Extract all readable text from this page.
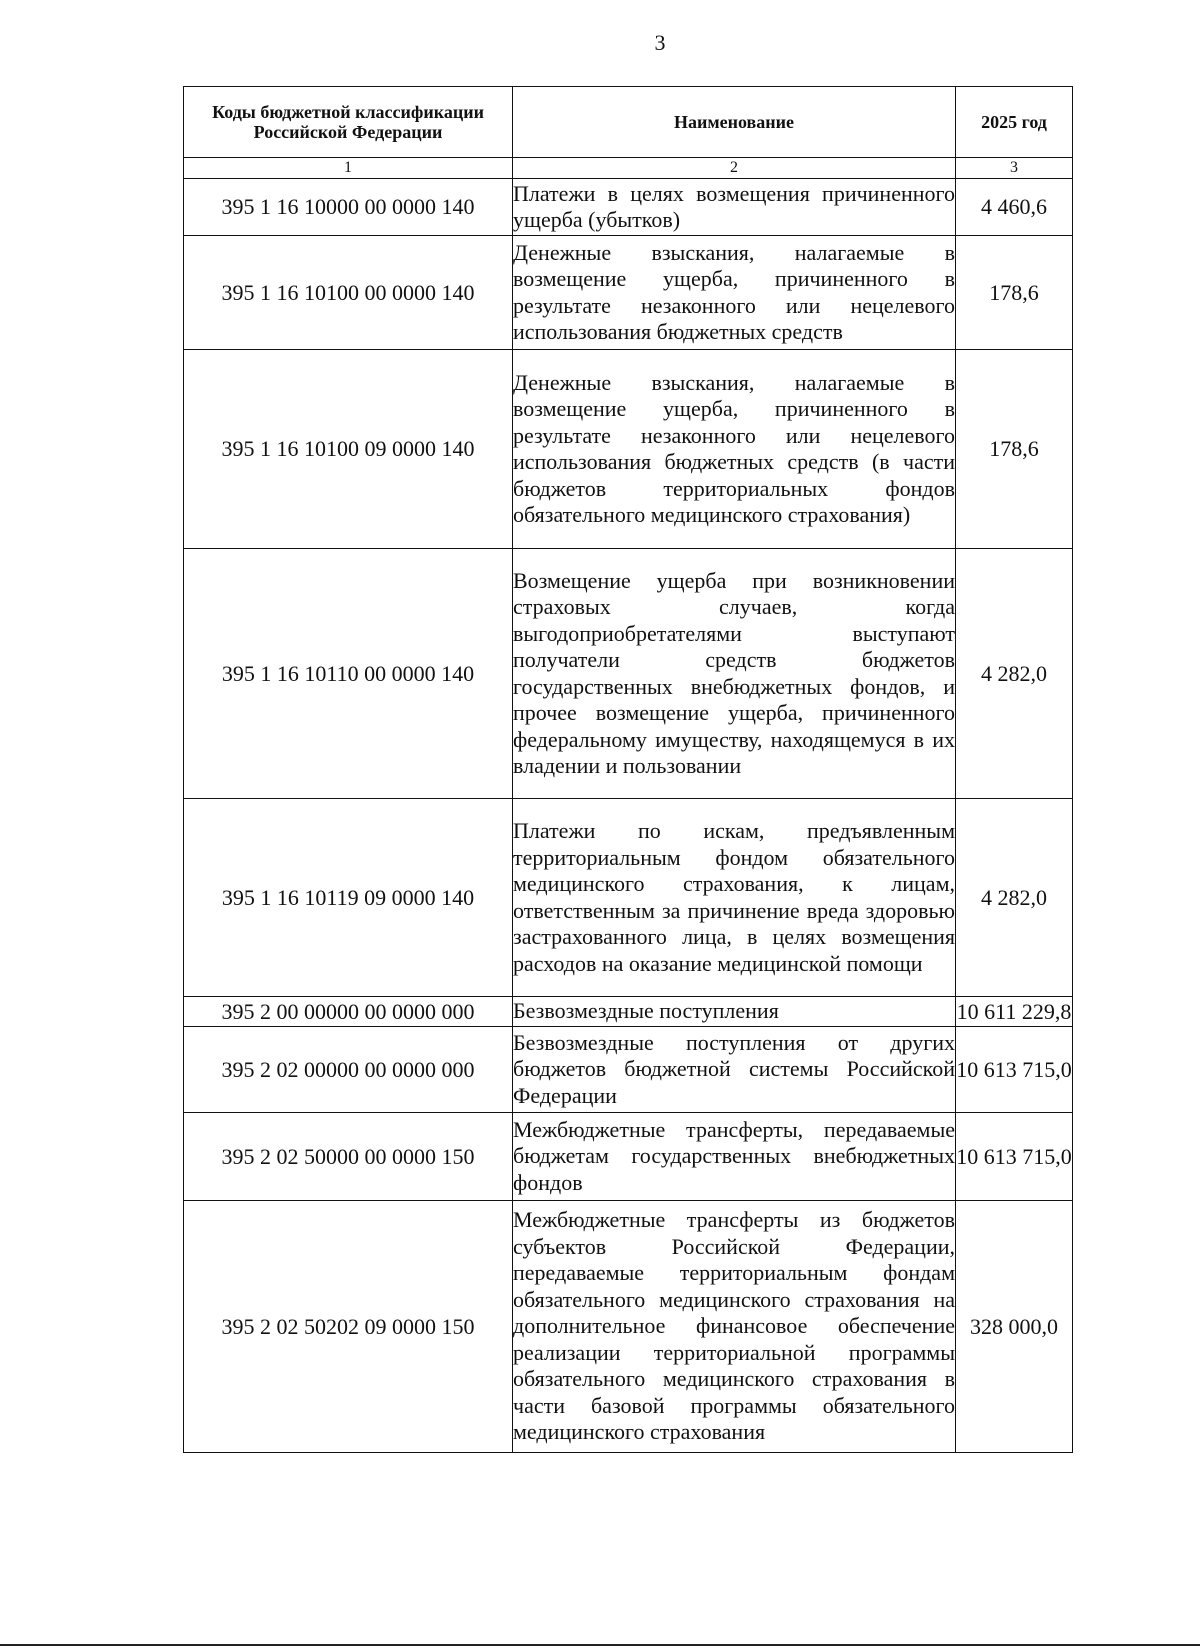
3
Коды бюджетной классификации Российской Федерации	Наименование	2025 год
1	2	3
395 1 16 10000 00 0000 140	Платежи в целях возмещения причиненного ущерба (убытков)	4 460,6
395 1 16 10100 00 0000 140	Денежные взыскания, налагаемые в возмещение ущерба, причиненного в результате незаконного или нецелевого использования бюджетных средств	178,6
395 1 16 10100 09 0000 140	Денежные взыскания, налагаемые в возмещение ущерба, причиненного в результате незаконного или нецелевого использования бюджетных средств (в части бюджетов территориальных фондов обязательного медицинского страхования)	178,6
395 1 16 10110 00 0000 140	Возмещение ущерба при возникновении страховых случаев, когда выгодоприобретателями выступают получатели средств бюджетов государственных внебюджетных фондов, и прочее возмещение ущерба, причиненного федеральному имуществу, находящемуся в их владении и пользовании	4 282,0
395 1 16 10119 09 0000 140	Платежи по искам, предъявленным территориальным фондом обязательного медицинского страхования, к лицам, ответственным за причинение вреда здоровью застрахованного лица, в целях возмещения расходов на оказание медицинской помощи	4 282,0
395 2 00 00000 00 0000 000	Безвозмездные поступления	10 611 229,8
395 2 02 00000 00 0000 000	Безвозмездные поступления от других бюджетов бюджетной системы Российской Федерации	10 613 715,0
395 2 02 50000 00 0000 150	Межбюджетные трансферты, передаваемые бюджетам государственных внебюджетных фондов	10 613 715,0
395 2 02 50202 09 0000 150	Межбюджетные трансферты из бюджетов субъектов Российской Федерации, передаваемые территориальным фондам обязательного медицинского страхования на дополнительное финансовое обеспечение реализации территориальной программы обязательного медицинского страхования в части базовой программы обязательного медицинского страхования	328 000,0
